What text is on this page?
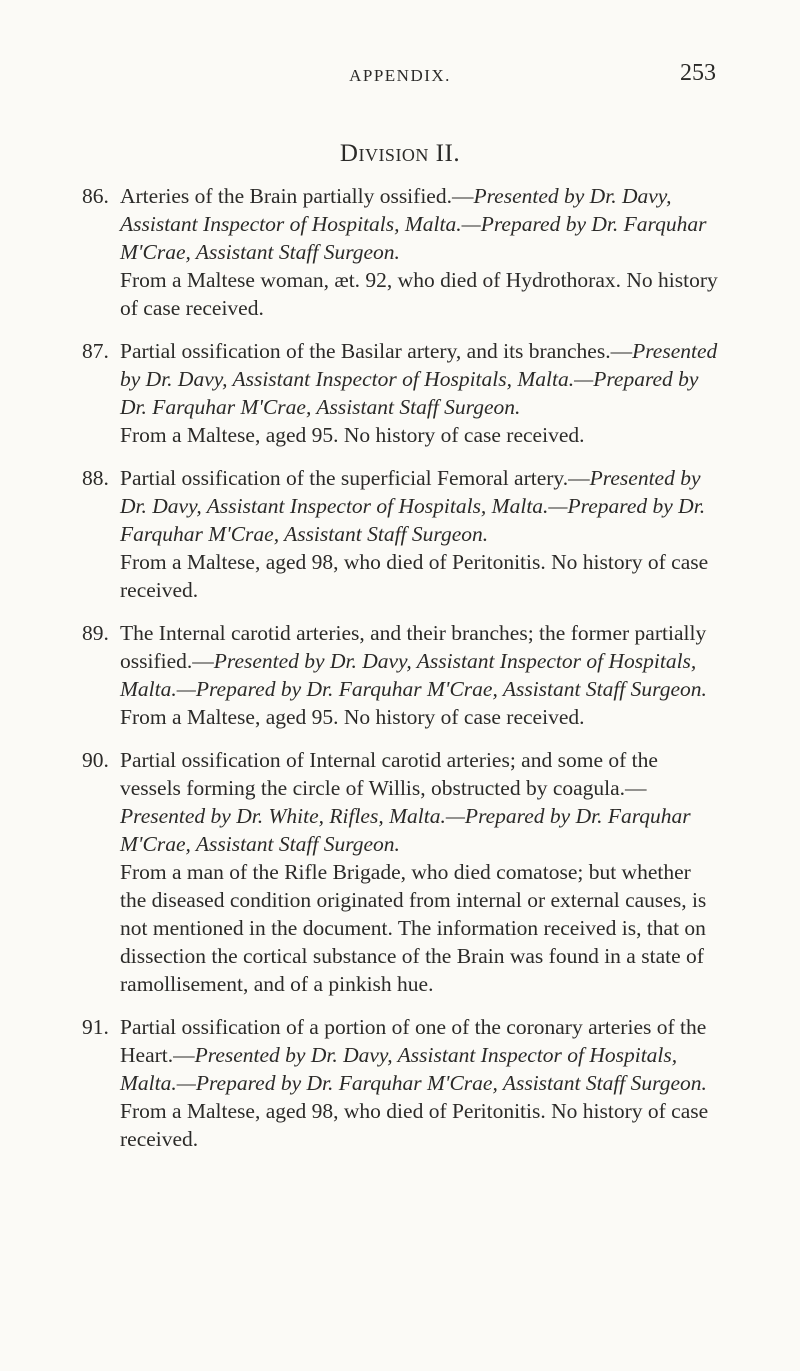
APPENDIX.	253
Division II.
86. Arteries of the Brain partially ossified.—Presented by Dr. Davy, Assistant Inspector of Hospitals, Malta.—Prepared by Dr. Farquhar M'Crae, Assistant Staff Surgeon.

From a Maltese woman, æt. 92, who died of Hydrothorax. No history of case received.

87. Partial ossification of the Basilar artery, and its branches.—Presented by Dr. Davy, Assistant Inspector of Hospitals, Malta.—Prepared by Dr. Farquhar M'Crae, Assistant Staff Surgeon.

From a Maltese, aged 95. No history of case received.

88. Partial ossification of the superficial Femoral artery.—Presented by Dr. Davy, Assistant Inspector of Hospitals, Malta.—Prepared by Dr. Farquhar M'Crae, Assistant Staff Surgeon.

From a Maltese, aged 98, who died of Peritonitis. No history of case received.

89. The Internal carotid arteries, and their branches; the former partially ossified.—Presented by Dr. Davy, Assistant Inspector of Hospitals, Malta.—Prepared by Dr. Farquhar M'Crae, Assistant Staff Surgeon.

From a Maltese, aged 95. No history of case received.

90. Partial ossification of Internal carotid arteries; and some of the vessels forming the circle of Willis, obstructed by coagula.—Presented by Dr. White, Rifles, Malta.—Prepared by Dr. Farquhar M'Crae, Assistant Staff Surgeon.

From a man of the Rifle Brigade, who died comatose; but whether the diseased condition originated from internal or external causes, is not mentioned in the document. The information received is, that on dissection the cortical substance of the Brain was found in a state of ramollisement, and of a pinkish hue.

91. Partial ossification of a portion of one of the coronary arteries of the Heart.—Presented by Dr. Davy, Assistant Inspector of Hospitals, Malta.—Prepared by Dr. Farquhar M'Crae, Assistant Staff Surgeon.

From a Maltese, aged 98, who died of Peritonitis. No history of case received.
